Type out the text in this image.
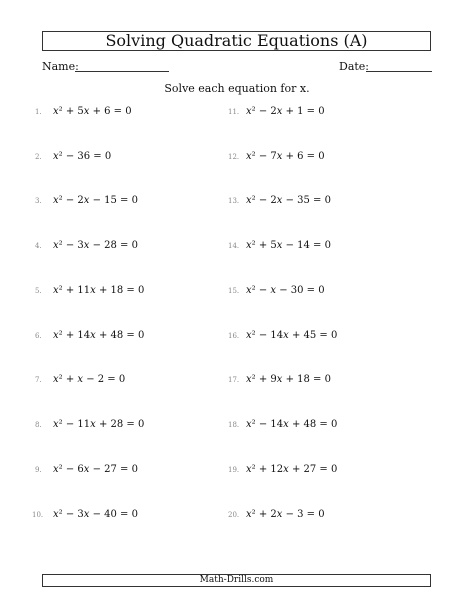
Solving Quadratic Equations (A)
Name:	Date:
Solve each equation for x.
1. x² + 5x + 6 = 0
2. x² − 36 = 0
3. x² − 2x − 15 = 0
4. x² − 3x − 28 = 0
5. x² + 11x + 18 = 0
6. x² + 14x + 48 = 0
7. x² + x − 2 = 0
8. x² − 11x + 28 = 0
9. x² − 6x − 27 = 0
10. x² − 3x − 40 = 0
11. x² − 2x + 1 = 0
12. x² − 7x + 6 = 0
13. x² − 2x − 35 = 0
14. x² + 5x − 14 = 0
15. x² − x − 30 = 0
16. x² − 14x + 45 = 0
17. x² + 9x + 18 = 0
18. x² − 14x + 48 = 0
19. x² + 12x + 27 = 0
20. x² + 2x − 3 = 0
Math-Drills.com
